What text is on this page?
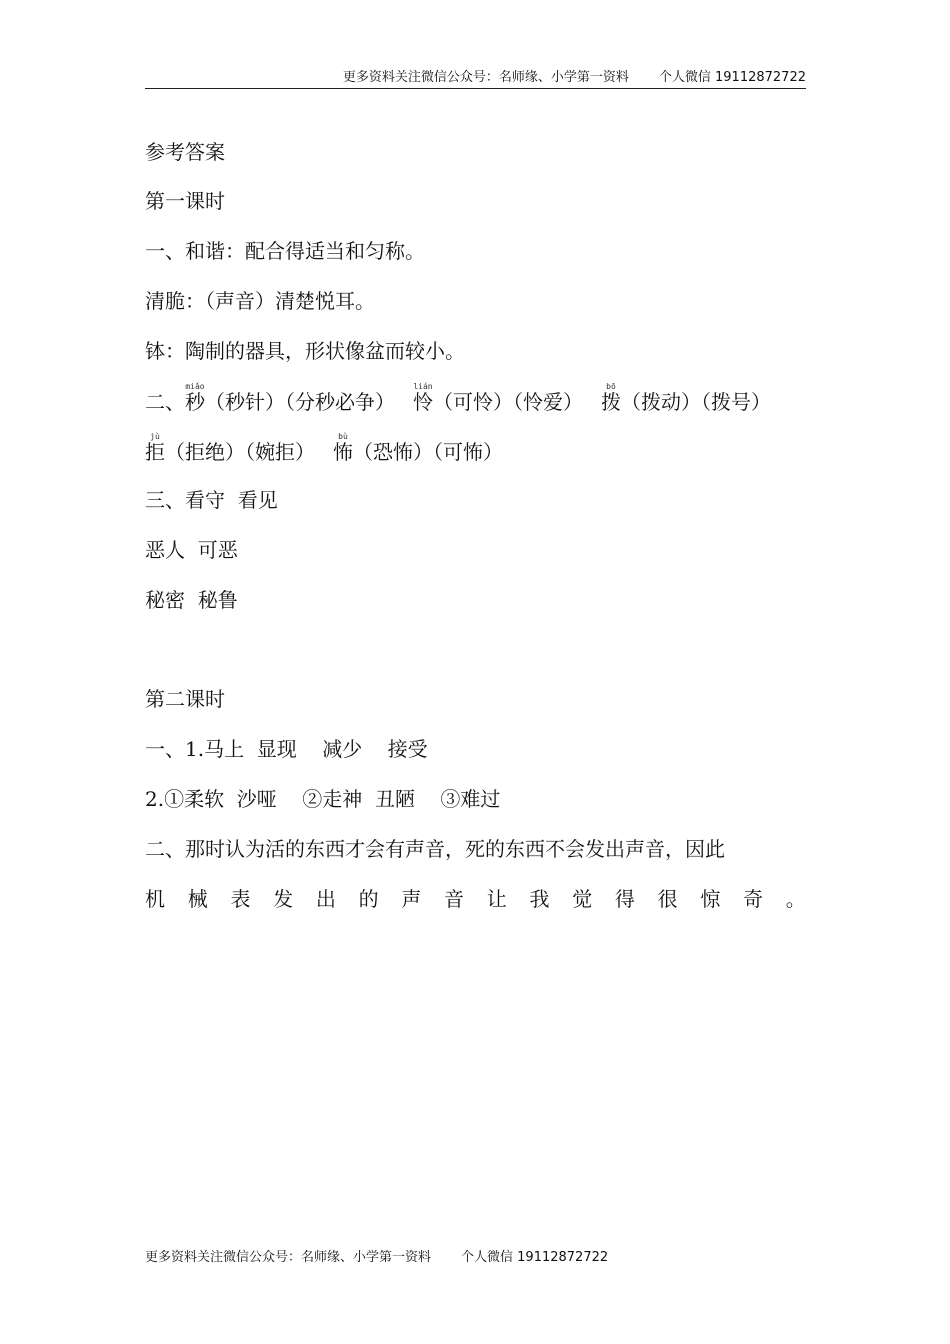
更多资料关注微信公众号：名师缘、小学第一资料 个人微信 19112872722
参考答案
第一课时
一、和谐：配合得适当和匀称。
清脆：（声音）清楚悦耳。
钵：陶制的器具，形状像盆而较小。
二、秒miǎo（秒针）（分秒必争） 怜lián（可怜）（怜爱） 拨bō（拨动）（拨号）
拒jù（拒绝）（婉拒） 怖bù（恐怖）（可怖）
三、看守  看见
恶人  可恶
秘密  秘鲁
第二课时
一、1.马上  显现    减少    接受
2.①柔软  沙哑    ②走神  丑陋    ③难过
二、那时认为活的东西才会有声音，死的东西不会发出声音，因此
机 械 表 发 出 的 声 音 让 我 觉 得 很 惊 奇 。
更多资料关注微信公众号：名师缘、小学第一资料 个人微信 19112872722
